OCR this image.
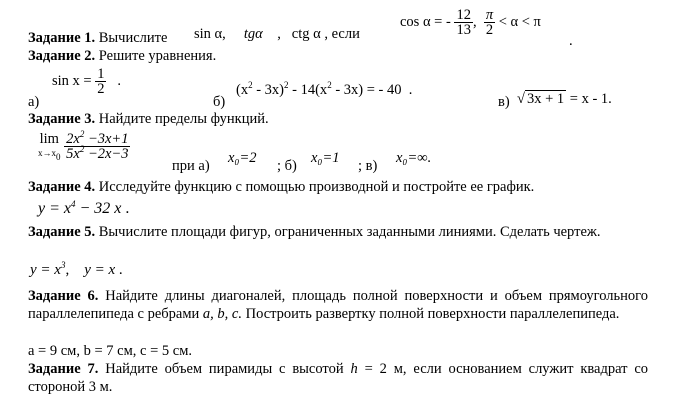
Задание 1. Вычислите sin α, tgα , ctg α , если
cos α = - $\frac{12}{13}$ , $\frac{\pi}{2} < \alpha < \pi$
.
Задание 2. Решите уравнения.
а)
$\sin x = \frac{1}{2}$ .
б)
$(x^2 - 3x)^2 - 14(x^2 - 3x)$ = - 40 .
в) √ 3x + 1 = x - 1.
Задание 3. Найдите пределы функций.
lim
$x\to x_0 \frac{2x^2 -3x+1}{5x^2 -2x-3}$
при а) x₀=2 ; б) x₀=1 ; в) x₀=∞.
Задание 4. Исследуйте функцию с помощью производной и постройте ее график.
$y = x^4 - 32$ x .
Задание 5. Вычислите площади фигур, ограниченных заданными линиями. Сделать чертеж.
$y = x^3$, y = x .
Задание 6. Найдите длины диагоналей, площадь полной поверхности и объем прямоугольного параллелепипеда с ребрами a, b, c. Построить развертку полной поверхности параллелепипеда.
a = 9 см, b = 7 см, c = 5 см.
Задание 7. Найдите объем пирамиды с высотой h = 2 м, если основанием служит квадрат со стороной 3 м.
